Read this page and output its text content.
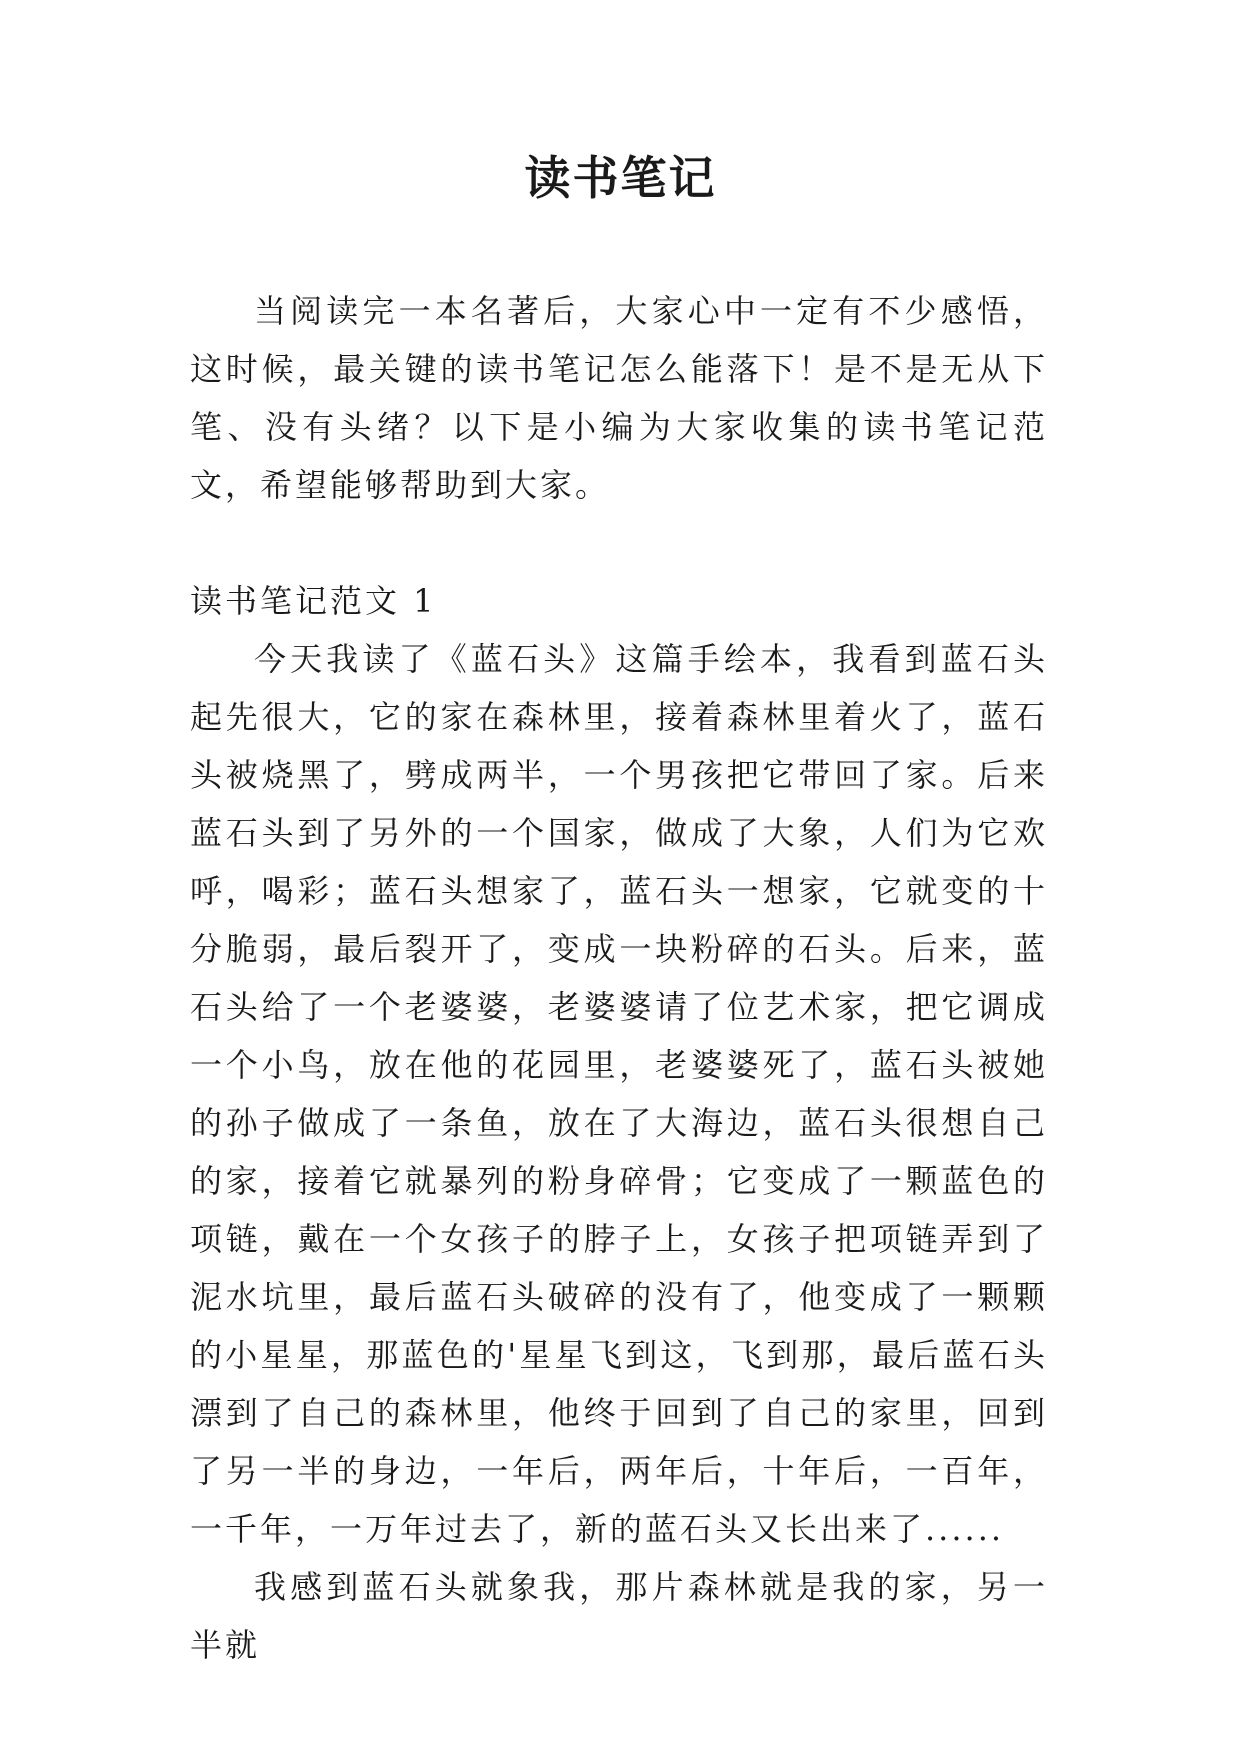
读书笔记

当阅读完一本名著后，大家心中一定有不少感悟，这时候，最关键的读书笔记怎么能落下！是不是无从下笔、没有头绪？以下是小编为大家收集的读书笔记范文，希望能够帮助到大家。

读书笔记范文 1

今天我读了《蓝石头》这篇手绘本，我看到蓝石头起先很大，它的家在森林里，接着森林里着火了，蓝石头被烧黑了，劈成两半，一个男孩把它带回了家。后来蓝石头到了另外的一个国家，做成了大象，人们为它欢呼，喝彩；蓝石头想家了，蓝石头一想家，它就变的十分脆弱，最后裂开了，变成一块粉碎的石头。后来，蓝石头给了一个老婆婆，老婆婆请了位艺术家，把它调成一个小鸟，放在他的花园里，老婆婆死了，蓝石头被她的孙子做成了一条鱼，放在了大海边，蓝石头很想自己的家，接着它就暴列的粉身碎骨；它变成了一颗蓝色的项链，戴在一个女孩子的脖子上，女孩子把项链弄到了泥水坑里，最后蓝石头破碎的没有了，他变成了一颗颗的小星星，那蓝色的'星星飞到这，飞到那，最后蓝石头漂到了自己的森林里，他终于回到了自己的家里，回到了另一半的身边，一年后，两年后，十年后，一百年，一千年，一万年过去了，新的蓝石头又长出来了......

我感到蓝石头就象我，那片森林就是我的家，另一半就
